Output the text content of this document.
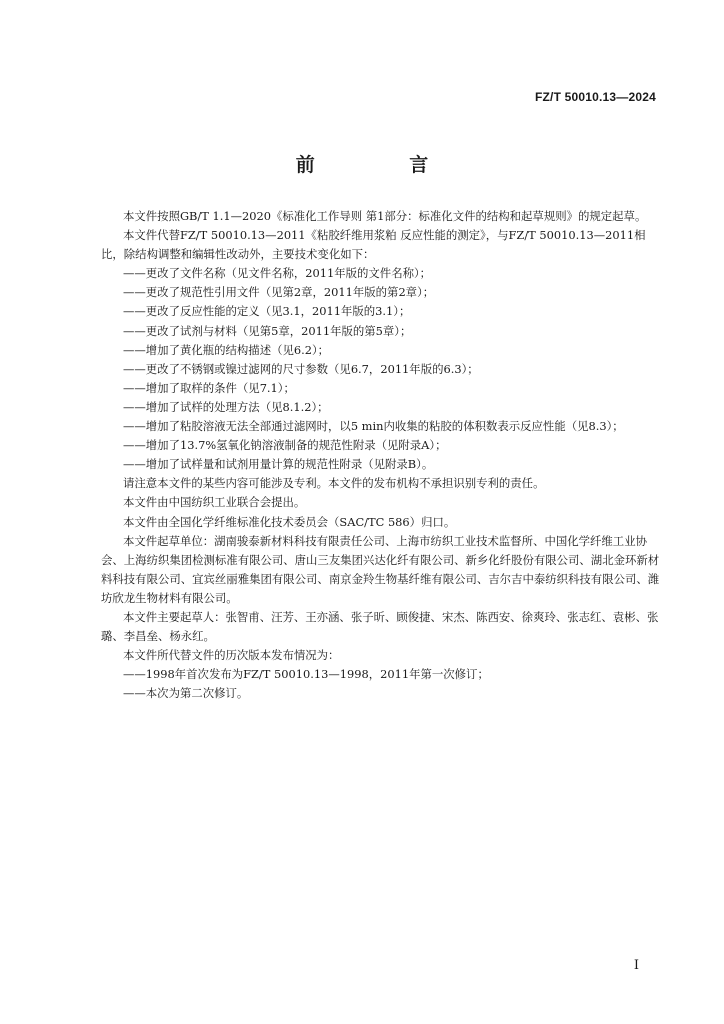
FZ/T 50010.13—2024
前 言

本文件按照GB/T 1.1—2020《标准化工作导则 第1部分：标准化文件的结构和起草规则》的规定起草。

本文件代替FZ/T 50010.13—2011《粘胶纤维用浆粕 反应性能的测定》，与FZ/T 50010.13—2011相比，除结构调整和编辑性改动外，主要技术变化如下：

——更改了文件名称（见文件名称，2011年版的文件名称）；

——更改了规范性引用文件（见第2章，2011年版的第2章）；

——更改了反应性能的定义（见3.1，2011年版的3.1）；

——更改了试剂与材料（见第5章，2011年版的第5章）；

——增加了黄化瓶的结构描述（见6.2）；

——更改了不锈钢或镍过滤网的尺寸参数（见6.7，2011年版的6.3）；

——增加了取样的条件（见7.1）；

——增加了试样的处理方法（见8.1.2）；

——增加了粘胶溶液无法全部通过滤网时，以5 min内收集的粘胶的体积数表示反应性能（见8.3）；

——增加了13.7%氢氧化钠溶液制备的规范性附录（见附录A）；

——增加了试样量和试剂用量计算的规范性附录（见附录B）。

请注意本文件的某些内容可能涉及专利。本文件的发布机构不承担识别专利的责任。

本文件由中国纺织工业联合会提出。

本文件由全国化学纤维标准化技术委员会（SAC/TC 586）归口。

本文件起草单位：湖南骏泰新材料科技有限责任公司、上海市纺织工业技术监督所、中国化学纤维工业协会、上海纺织集团检测标准有限公司、唐山三友集团兴达化纤有限公司、新乡化纤股份有限公司、湖北金环新材料科技有限公司、宜宾丝丽雅集团有限公司、南京金羚生物基纤维有限公司、吉尔吉中泰纺织科技有限公司、潍坊欣龙生物材料有限公司。

本文件主要起草人：张智甫、汪芳、王亦涵、张子昕、顾俊捷、宋杰、陈西安、徐爽玲、张志红、袁彬、张璐、李昌垒、杨永红。

本文件所代替文件的历次版本发布情况为：

——1998年首次发布为FZ/T 50010.13—1998，2011年第一次修订；

——本次为第二次修订。

I
